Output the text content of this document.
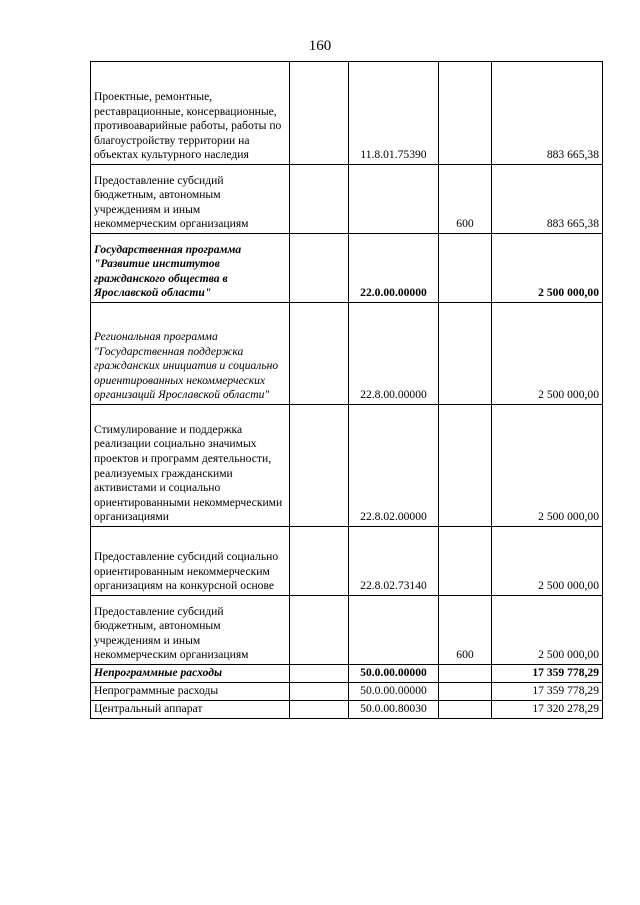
160
Проектные, ремонтные, реставрационные, консервационные, противоаварийные работы, работы по благоустройству территории на объектах культурного наследия		11.8.01.75390		883 665,38
Предоставление субсидий бюджетным, автономным учреждениям и иным некоммерческим организациям			600	883 665,38
Государственная программа "Развитие институтов гражданского общества в Ярославской области"		22.0.00.00000		2 500 000,00
Региональная программа "Государственная поддержка гражданских инициатив и социально ориентированных некоммерческих организаций Ярославской области"		22.8.00.00000		2 500 000,00
Стимулирование и поддержка реализации социально значимых проектов и программ деятельности, реализуемых гражданскими активистами и социально ориентированными некоммерческими организациями		22.8.02.00000		2 500 000,00
Предоставление субсидий социально ориентированным некоммерческим организациям на конкурсной основе		22.8.02.73140		2 500 000,00
Предоставление субсидий бюджетным, автономным учреждениям и иным некоммерческим организациям			600	2 500 000,00
Непрограммные расходы		50.0.00.00000		17 359 778,29
Непрограммные расходы		50.0.00.00000		17 359 778,29
Центральный аппарат		50.0.00.80030		17 320 278,29
